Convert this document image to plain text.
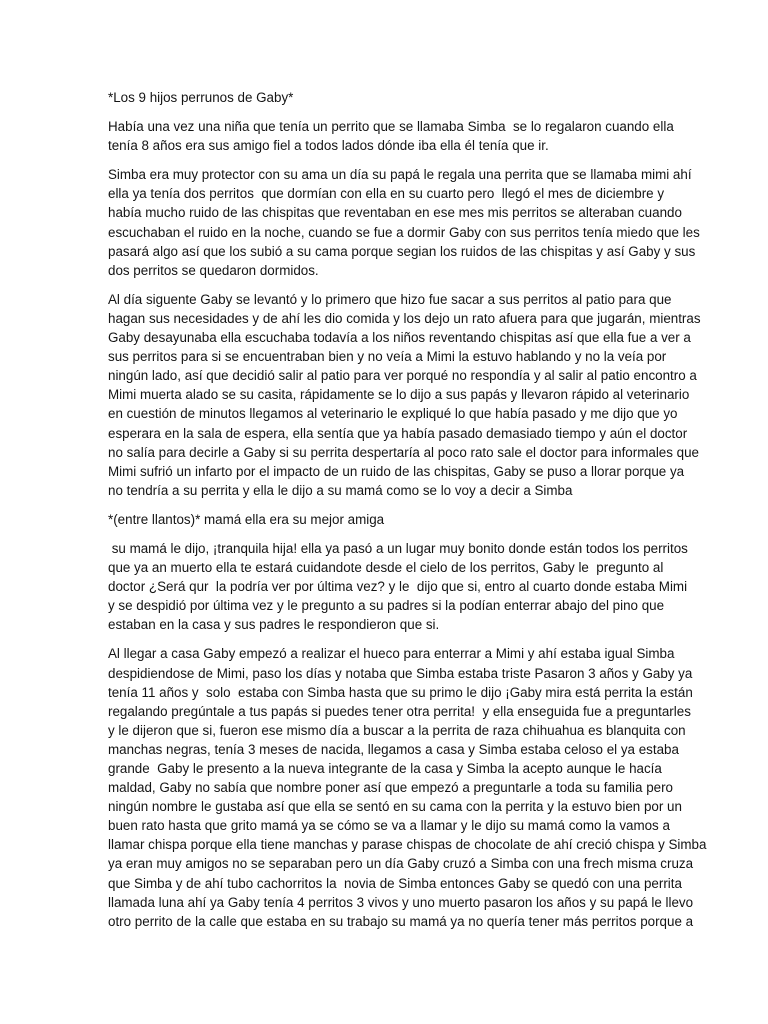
*Los 9 hijos perrunos de Gaby*

Había una vez una niña que tenía un perrito que se llamaba Simba  se lo regalaron cuando ella
tenía 8 años era sus amigo fiel a todos lados dónde iba ella él tenía que ir.

Simba era muy protector con su ama un día su papá le regala una perrita que se llamaba mimi ahí
ella ya tenía dos perritos  que dormían con ella en su cuarto pero  llegó el mes de diciembre y
había mucho ruido de las chispitas que reventaban en ese mes mis perritos se alteraban cuando
escuchaban el ruido en la noche, cuando se fue a dormir Gaby con sus perritos tenía miedo que les
pasará algo así que los subió a su cama porque segian los ruidos de las chispitas y así Gaby y sus
dos perritos se quedaron dormidos.

Al día siguente Gaby se levantó y lo primero que hizo fue sacar a sus perritos al patio para que
hagan sus necesidades y de ahí les dio comida y los dejo un rato afuera para que jugarán, mientras
Gaby desayunaba ella escuchaba todavía a los niños reventando chispitas así que ella fue a ver a
sus perritos para si se encuentraban bien y no veía a Mimi la estuvo hablando y no la veía por
ningún lado, así que decidió salir al patio para ver porqué no respondía y al salir al patio encontro a
Mimi muerta alado se su casita, rápidamente se lo dijo a sus papás y llevaron rápido al veterinario
en cuestión de minutos llegamos al veterinario le expliqué lo que había pasado y me dijo que yo
esperara en la sala de espera, ella sentía que ya había pasado demasiado tiempo y aún el doctor
no salía para decirle a Gaby si su perrita despertaría al poco rato sale el doctor para informales que
Mimi sufrió un infarto por el impacto de un ruido de las chispitas, Gaby se puso a llorar porque ya
no tendría a su perrita y ella le dijo a su mamá como se lo voy a decir a Simba

*(entre llantos)* mamá ella era su mejor amiga

su mamá le dijo, ¡tranquila hija! ella ya pasó a un lugar muy bonito donde están todos los perritos
que ya an muerto ella te estará cuidandote desde el cielo de los perritos, Gaby le  pregunto al
doctor ¿Será qur  la podría ver por última vez? y le  dijo que si, entro al cuarto donde estaba Mimi
y se despidió por última vez y le pregunto a su padres si la podían enterrar abajo del pino que
estaban en la casa y sus padres le respondieron que si.

Al llegar a casa Gaby empezó a realizar el hueco para enterrar a Mimi y ahí estaba igual Simba
despidiendose de Mimi, paso los días y notaba que Simba estaba triste Pasaron 3 años y Gaby ya
tenía 11 años y  solo  estaba con Simba hasta que su primo le dijo ¡Gaby mira está perrita la están
regalando pregúntale a tus papás si puedes tener otra perrita!  y ella enseguida fue a preguntarles
y le dijeron que si, fueron ese mismo día a buscar a la perrita de raza chihuahua es blanquita con
manchas negras, tenía 3 meses de nacida, llegamos a casa y Simba estaba celoso el ya estaba
grande  Gaby le presento a la nueva integrante de la casa y Simba la acepto aunque le hacía
maldad, Gaby no sabía que nombre poner así que empezó a preguntarle a toda su familia pero
ningún nombre le gustaba así que ella se sentó en su cama con la perrita y la estuvo bien por un
buen rato hasta que grito mamá ya se cómo se va a llamar y le dijo su mamá como la vamos a
llamar chispa porque ella tiene manchas y parase chispas de chocolate de ahí creció chispa y Simba
ya eran muy amigos no se separaban pero un día Gaby cruzó a Simba con una frech misma cruza
que Simba y de ahí tubo cachorritos la  novia de Simba entonces Gaby se quedó con una perrita
llamada luna ahí ya Gaby tenía 4 perritos 3 vivos y uno muerto pasaron los años y su papá le llevo
otro perrito de la calle que estaba en su trabajo su mamá ya no quería tener más perritos porque a
